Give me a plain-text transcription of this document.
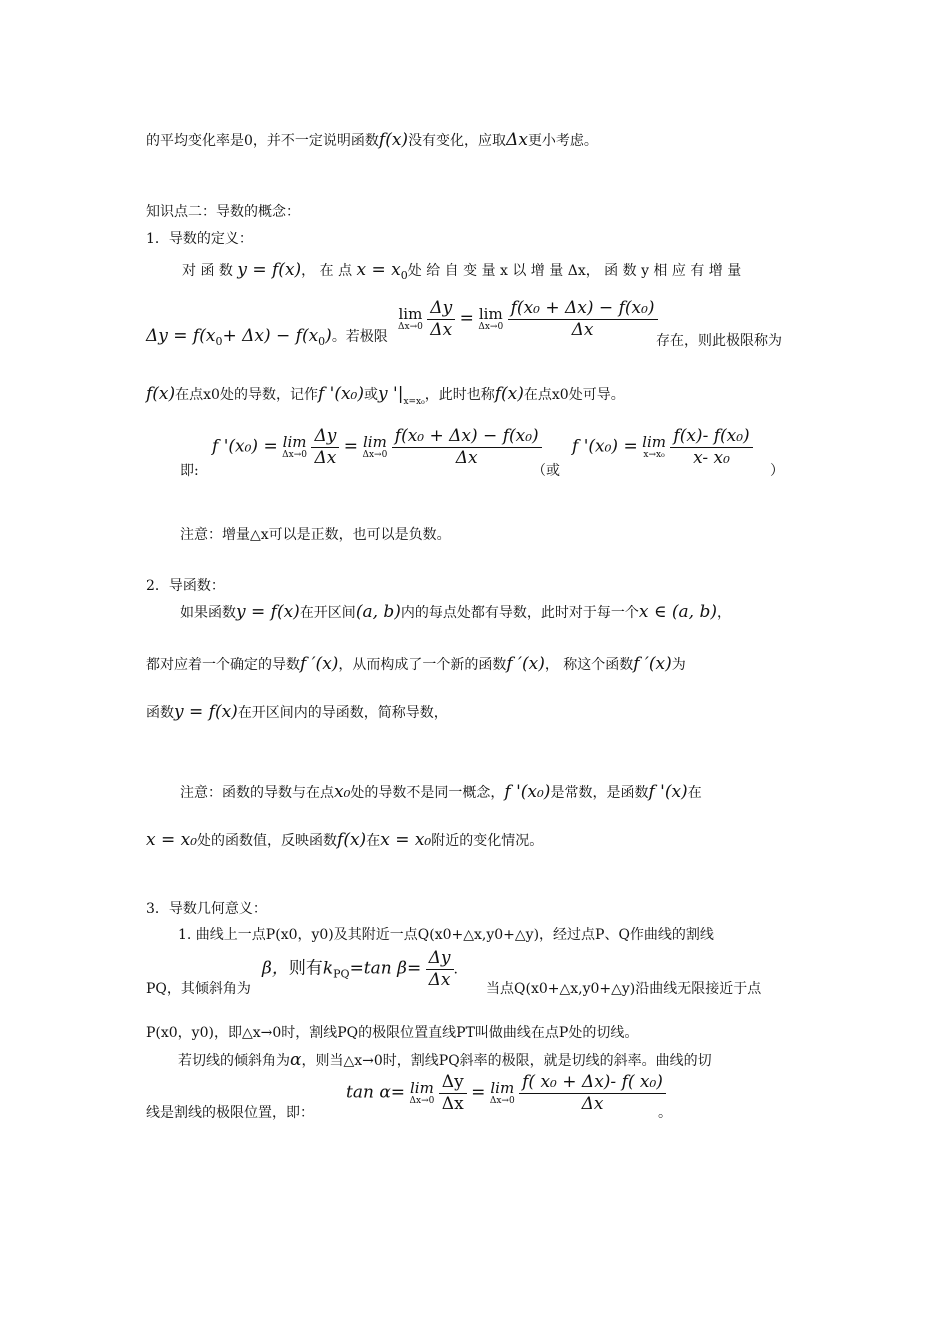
的平均变化率是0，并不一定说明函数f(x)没有变化，应取Δx更小考虑。
知识点二：导数的概念：
1．导数的定义：
对 函 数 y = f(x)， 在 点 $x = x_0$处 给 自 变 量 x 以 增 量 Δx， 函 数 y 相 应 有 增 量
$\Delta y = f(x_0+ \Delta x) - f(x_0)$。若极限
lim
Δx→0
$\frac{\Delta y}{\Delta x} = \lim$
Δx→0
$\frac{\text{f(x₀ + Δx) − f(x₀)}}{\Delta x}$
存在，则此极限称为
f(x)在点x0处的导数，记作f '(x₀)或y '$|_{x=x_0}$，此时也称f(x)在点x0处可导。
即:
f '(x₀) = lim
Δx→0
$\frac{\Delta y}{\Delta x} = \lim$
Δx→0
$\frac{\text{f(x₀ + Δx) − f(x₀)}}{\Delta x}$
（或
f '(x₀) = lim
x→x₀
$\frac{\text{f(x)- f(x₀)}}{\text{x- x₀}}$
）
注意：增量△x可以是正数，也可以是负数。
2．导函数：
如果函数y = f(x)在开区间(a, b)内的每点处都有导数，此时对于每一个x ∈ (a, b)，
都对应着一个确定的导数f ′(x)，从而构成了一个新的函数f ′(x)， 称这个函数f ′(x)为
函数y = f(x)在开区间内的导函数，简称导数，
注意：函数的导数与在点x₀处的导数不是同一概念，f '(x₀)是常数，是函数f '(x)在
x = x₀处的函数值，反映函数f(x)在x = x₀附近的变化情况。
3．导数几何意义：
1. 曲线上一点P(x0，y0)及其附近一点Q(x0+△x,y0+△y)，经过点P、Q作曲线的割线
PQ，其倾斜角为
β，则有$k_{PQ}=\tan$ $\beta= \frac{\Delta y}{\Delta x}$ .
当点Q(x0+△x,y0+△y)沿曲线无限接近于点
P(x0，y0)，即△x→0时，割线PQ的极限位置直线PT叫做曲线在点P处的切线。
若切线的倾斜角为α，则当△x→0时，割线PQ斜率的极限，就是切线的斜率。曲线的切
线是割线的极限位置，即：
tan α= lim
Δx→0
$\frac{\Delta y}{\Delta x} = \lim$
Δx→0
$\frac{\text{f( x₀ + Δx)- f( x₀)}}{\Delta x}$
。
